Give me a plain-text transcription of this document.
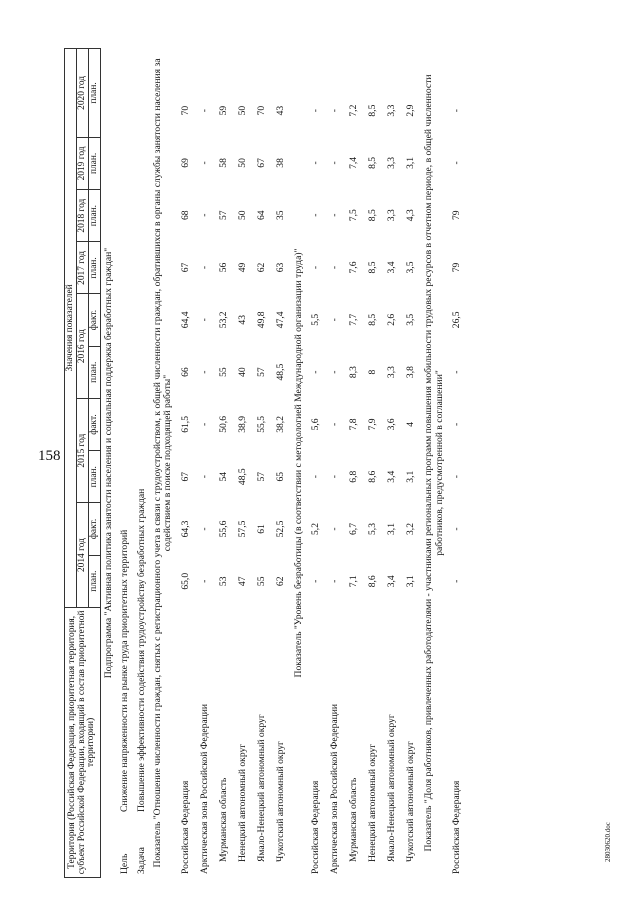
158
28030620.doc
Территория (Российская Федерация, приоритетная территория, субъект Российской Федерации, входящий в состав приоритетной территории)	Значения показателей									
	2014 год		2015 год		2016 год		2017 год	2018 год	2019 год	2020 год
	план.	факт.	план.	факт.	план.	факт.	план.	план.	план.	план.
Подпрограмма "Активная политика занятости населения и социальная поддержка безработных граждан"											
ЦельСнижение напряженности на рынке труда приоритетных территорий											
ЗадачаПовышение эффективности содействия трудоустройству безработных граждан											
Показатель "Отношение численности граждан, снятых с регистрационного учета в связи с трудоустройством, к общей численности граждан, обратившихся в органы службы занятости населения за содействием в поиске подходящей работы"											
Российская Федерация	65,0	64,3	67	61,5	66	64,4	67	68	69	70	
Арктическая зона Российской Федерации	-	-	-	-	-	-	-	-	-	-	
Мурманская область	53	55,6	54	50,6	55	53,2	56	57	58	59	
Ненецкий автономный округ	47	57,5	48,5	38,9	40	43	49	50	50	50	
Ямало-Ненецкий автономный округ	55	61	57	55,5	57	49,8	62	64	67	70	
Чукотский автономный округ	62	52,5	65	38,2	48,5	47,4	63	35	38	43	
Показатель "Уровень безработицы (в соответствии с методологией Международной организации труда)"											
Российская Федерация	-	5,2	-	5,6	-	5,5	-	-	-	-	
Арктическая зона Российской Федерации	-	-	-	-	-	-	-	-	-	-	
Мурманская область	7,1	6,7	6,8	7,8	8,3	7,7	7,6	7,5	7,4	7,2	
Ненецкий автономный округ	8,6	5,3	8,6	7,9	8	8,5	8,5	8,5	8,5	8,5	
Ямало-Ненецкий автономный округ	3,4	3,1	3,4	3,6	3,3	2,6	3,4	3,3	3,3	3,3	
Чукотский автономный округ	3,1	3,2	3,1	4	3,8	3,5	3,5	4,3	3,1	2,9	
Показатель "Доля работников, привлеченных работодателями - участниками региональных программ повышения мобильности трудовых ресурсов в отчетном периоде, в общей численности работников, предусмотренной в соглашении"											
Российская Федерация	-	-	-	-	-	26,5	79	79	-	-	
